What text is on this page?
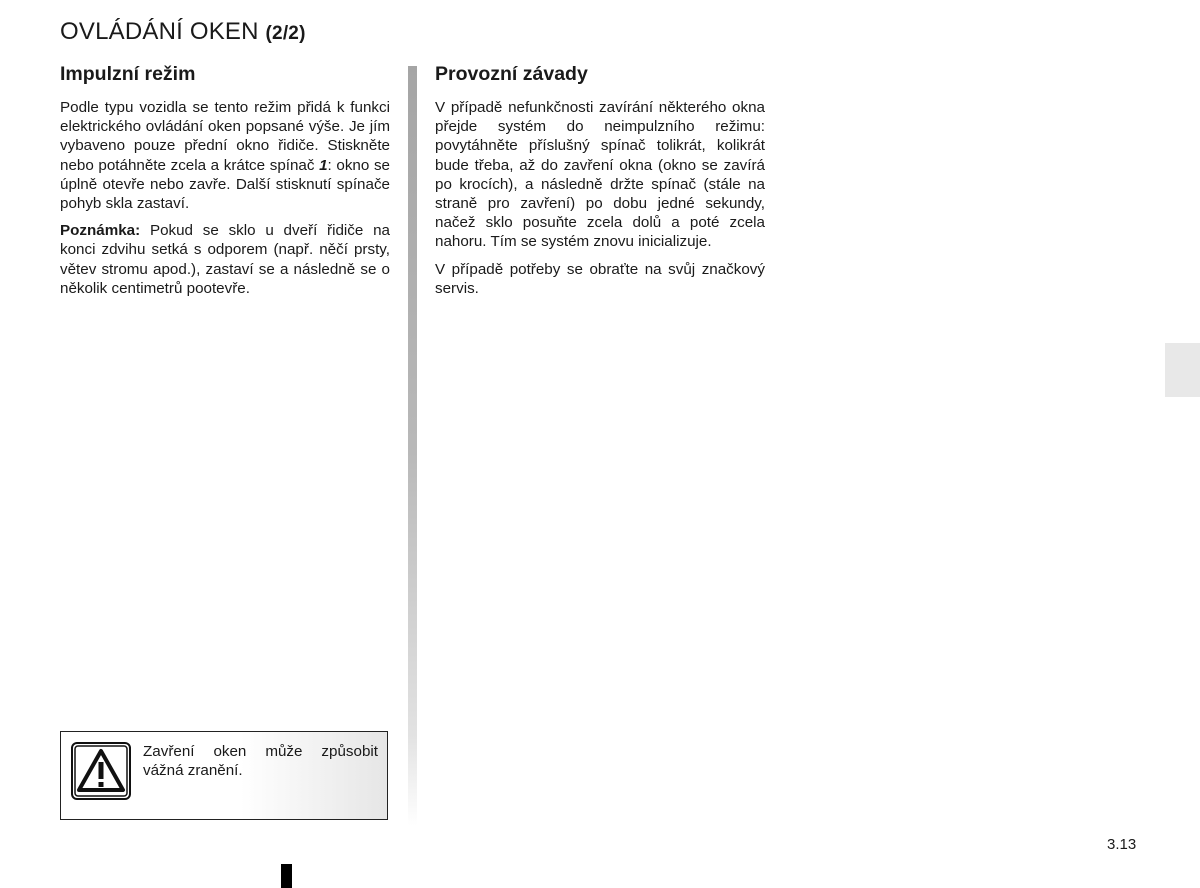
OVLÁDÁNÍ OKEN (2/2)
Impulzní režim

Podle typu vozidla se tento režim přidá k funkci elektrického ovládání oken popsané výše. Je jím vybaveno pouze přední okno řidiče. Stiskněte nebo potáhněte zcela a krátce spínač 1: okno se úplně otevře nebo zavře. Další stisknutí spínače pohyb skla zastaví.

Poznámka: Pokud se sklo u dveří řidiče na konci zdvihu setká s odporem (např. něčí prsty, větev stromu apod.), zastaví se a následně se o několik centimetrů pootevře.

Provozní závady

V případě nefunkčnosti zavírání některého okna přejde systém do neimpulzního režimu: povytáhněte příslušný spínač tolikrát, kolikrát bude třeba, až do zavření okna (okno se zavírá po krocích), a následně držte spínač (stále na straně pro zavření) po dobu jedné sekundy, načež sklo posuňte zcela dolů a poté zcela nahoru. Tím se systém znovu inicializuje.

V případě potřeby se obraťte na svůj značkový servis.

Zavření oken může způsobit vážná zranění.
3.13
